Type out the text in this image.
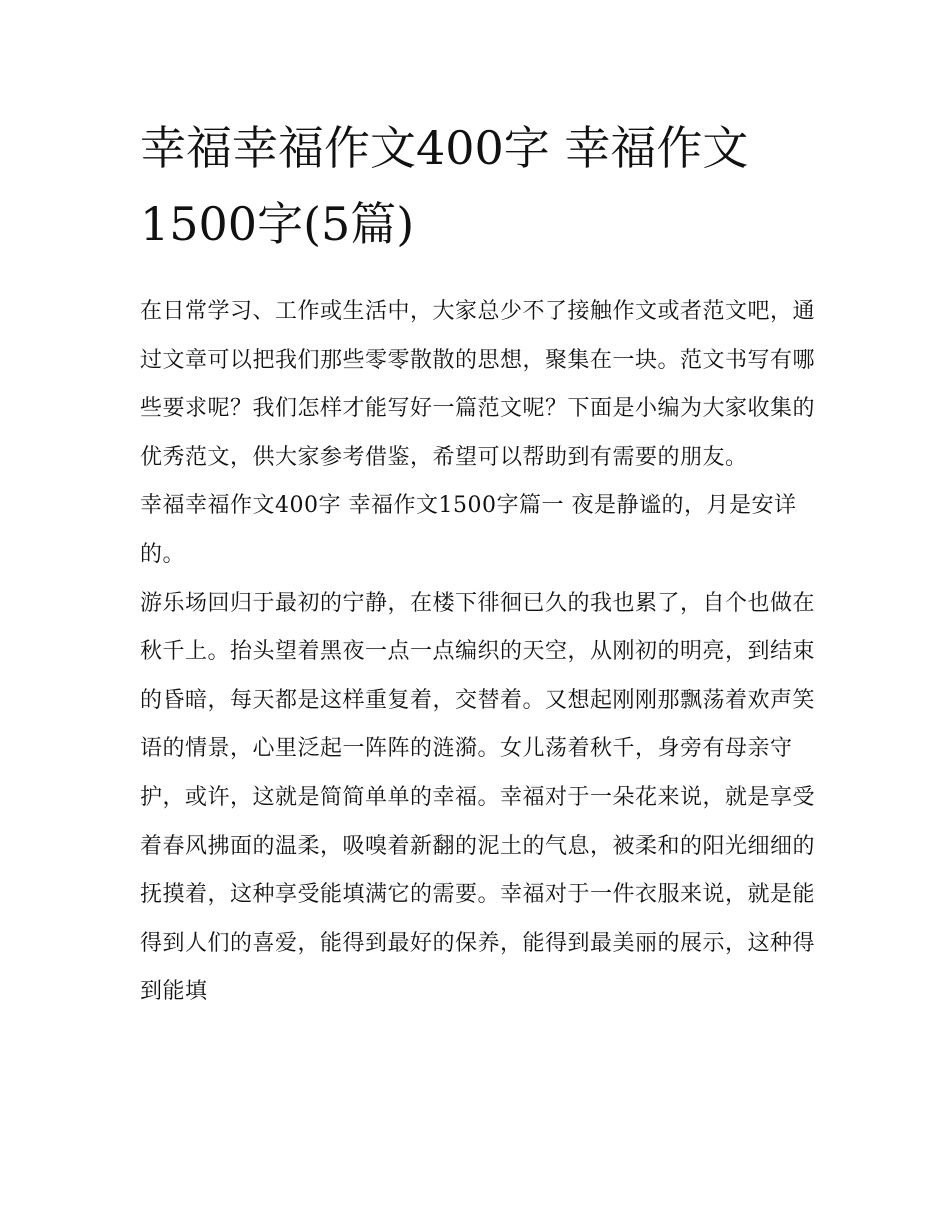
幸福幸福作文400字 幸福作文1500字(5篇)

在日常学习、工作或生活中，大家总少不了接触作文或者范文吧，通过文章可以把我们那些零零散散的思想，聚集在一块。范文书写有哪些要求呢？我们怎样才能写好一篇范文呢？下面是小编为大家收集的优秀范文，供大家参考借鉴，希望可以帮助到有需要的朋友。

幸福幸福作文400字 幸福作文1500字篇一 夜是静谧的，月是安详的。

游乐场回归于最初的宁静，在楼下徘徊已久的我也累了，自个也做在秋千上。抬头望着黑夜一点一点编织的天空，从刚初的明亮，到结束的昏暗，每天都是这样重复着，交替着。又想起刚刚那飘荡着欢声笑语的情景，心里泛起一阵阵的涟漪。女儿荡着秋千，身旁有母亲守护，或许，这就是简简单单的幸福。幸福对于一朵花来说，就是享受着春风拂面的温柔，吸嗅着新翻的泥土的气息，被柔和的阳光细细的抚摸着，这种享受能填满它的需要。幸福对于一件衣服来说，就是能得到人们的喜爱，能得到最好的保养，能得到最美丽的展示，这种得到能填
